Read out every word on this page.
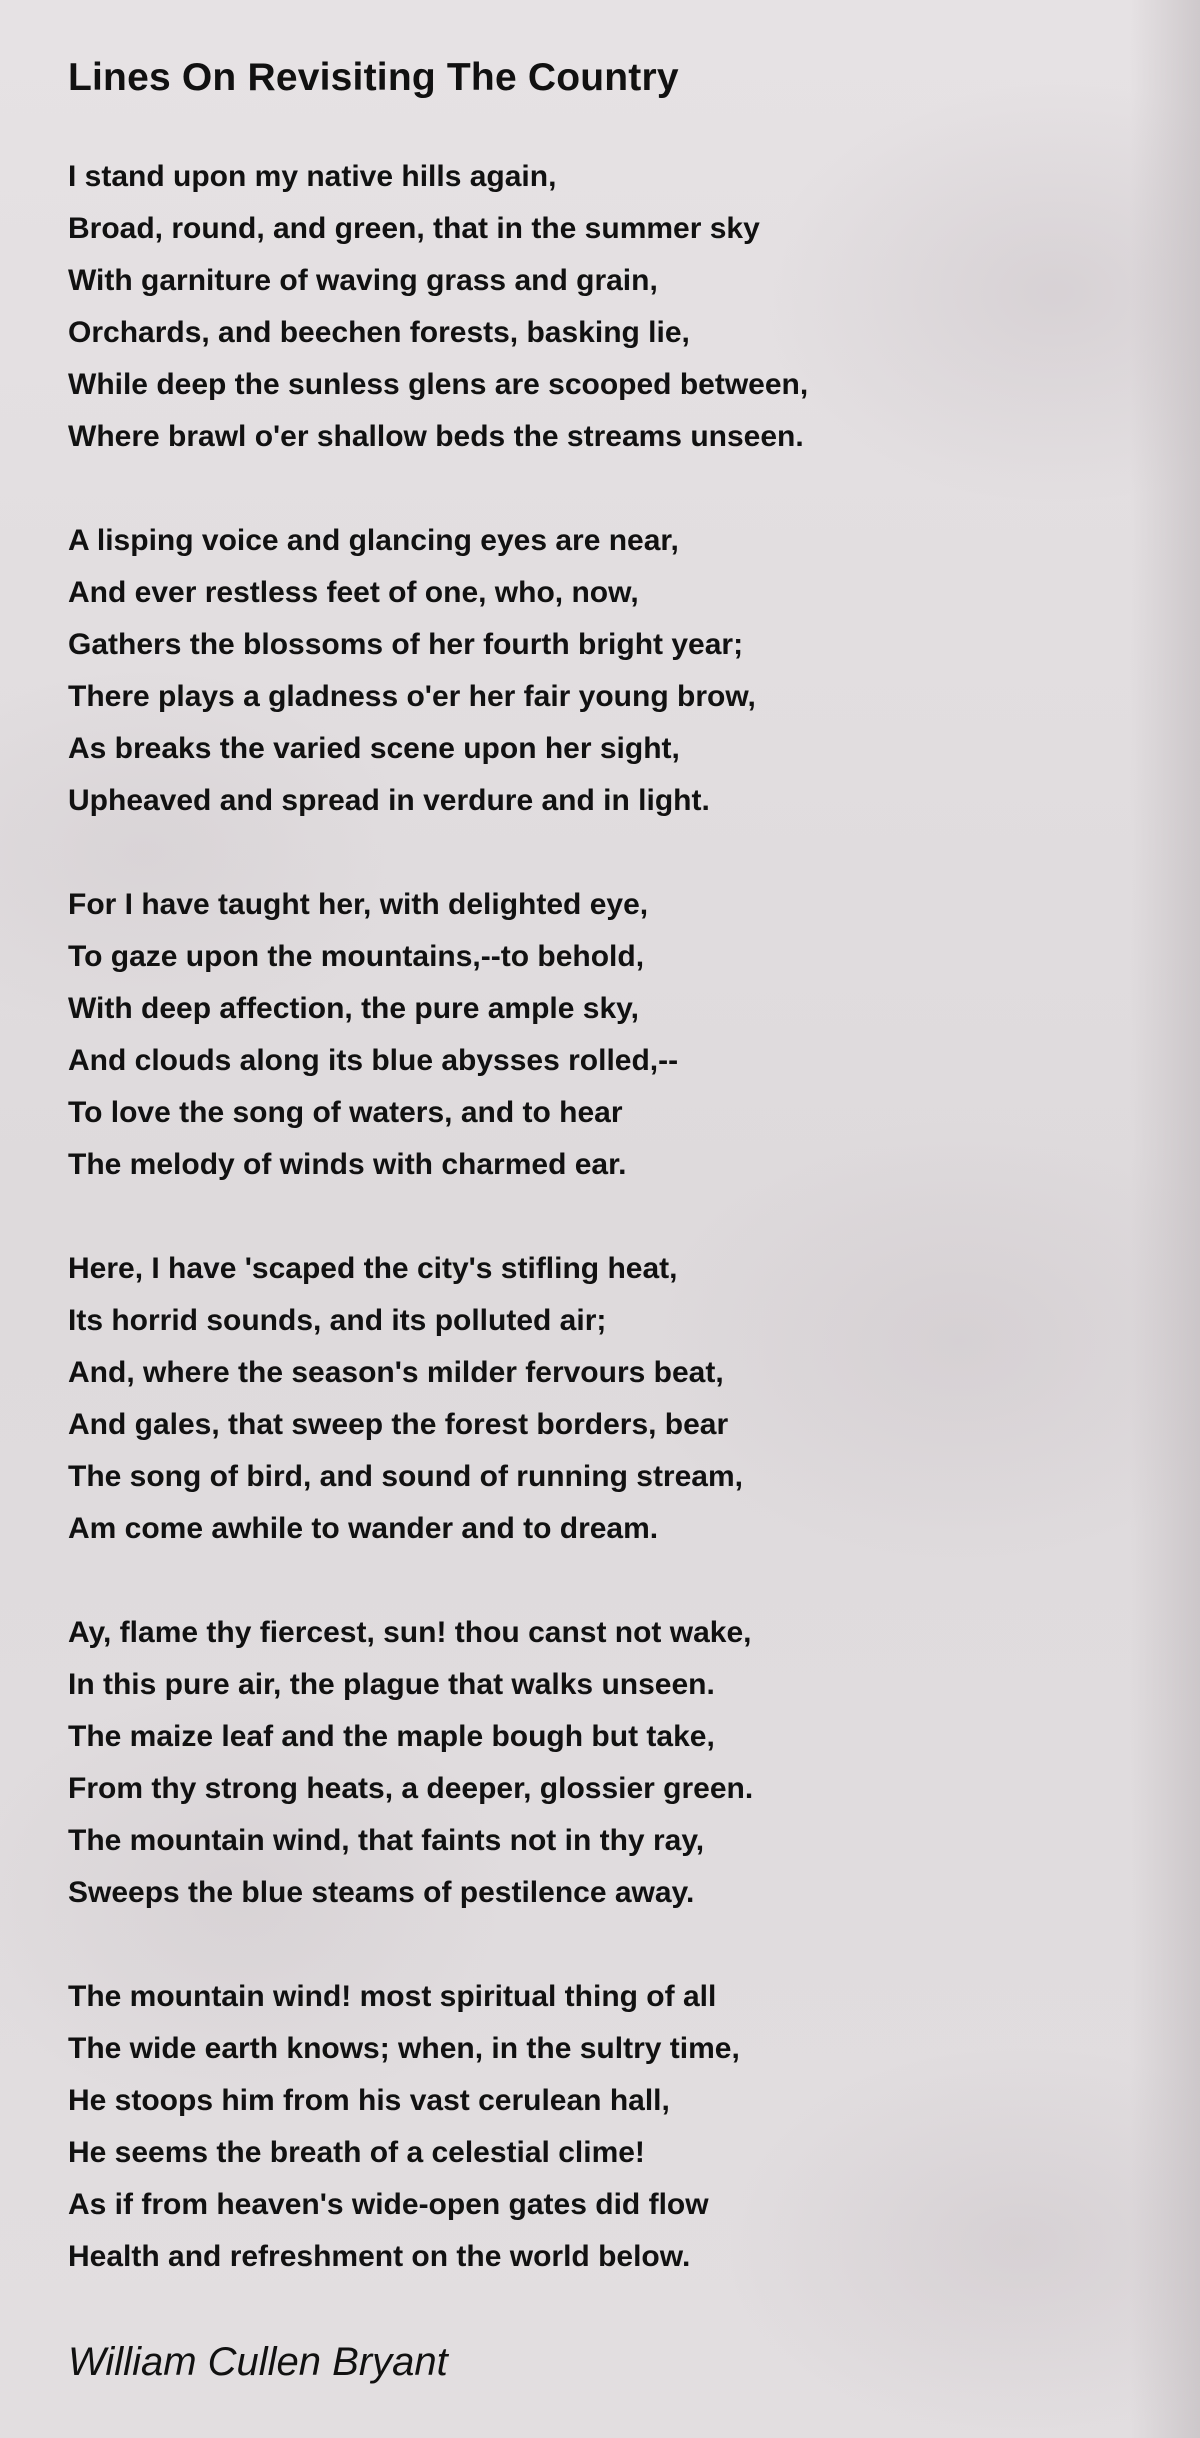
Lines On Revisiting The Country
I stand upon my native hills again,
Broad, round, and green, that in the summer sky
With garniture of waving grass and grain,
Orchards, and beechen forests, basking lie,
While deep the sunless glens are scooped between,
Where brawl o'er shallow beds the streams unseen.
A lisping voice and glancing eyes are near,
And ever restless feet of one, who, now,
Gathers the blossoms of her fourth bright year;
There plays a gladness o'er her fair young brow,
As breaks the varied scene upon her sight,
Upheaved and spread in verdure and in light.
For I have taught her, with delighted eye,
To gaze upon the mountains,--to behold,
With deep affection, the pure ample sky,
And clouds along its blue abysses rolled,--
To love the song of waters, and to hear
The melody of winds with charmed ear.
Here, I have 'scaped the city's stifling heat,
Its horrid sounds, and its polluted air;
And, where the season's milder fervours beat,
And gales, that sweep the forest borders, bear
The song of bird, and sound of running stream,
Am come awhile to wander and to dream.
Ay, flame thy fiercest, sun! thou canst not wake,
In this pure air, the plague that walks unseen.
The maize leaf and the maple bough but take,
From thy strong heats, a deeper, glossier green.
The mountain wind, that faints not in thy ray,
Sweeps the blue steams of pestilence away.
The mountain wind! most spiritual thing of all
The wide earth knows; when, in the sultry time,
He stoops him from his vast cerulean hall,
He seems the breath of a celestial clime!
As if from heaven's wide-open gates did flow
Health and refreshment on the world below.
William Cullen Bryant
